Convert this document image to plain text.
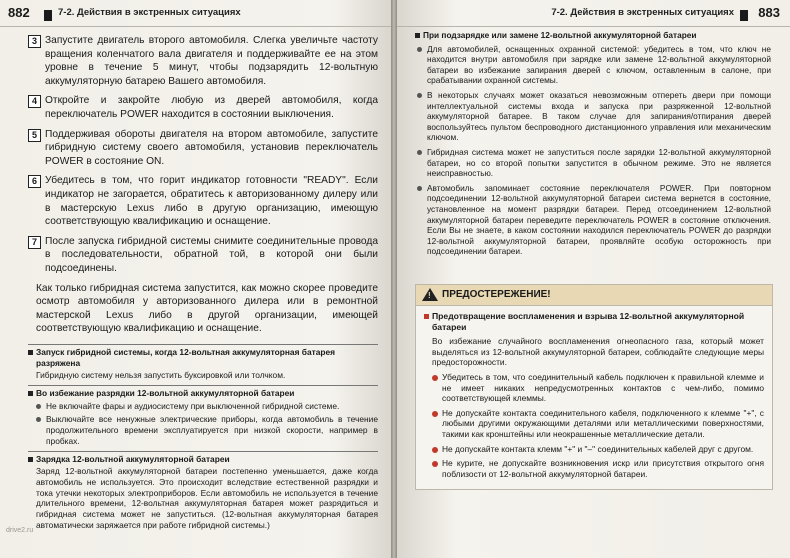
882	7-2. Действия в экстренных ситуациях
3 Запустите двигатель второго автомобиля. Слегка увеличьте частоту вращения коленчатого вала двигателя и поддерживайте ее на этом уровне в течение 5 минут, чтобы подзарядить 12-вольтную аккумуляторную батарею Вашего автомобиля.
4 Откройте и закройте любую из дверей автомобиля, когда переключатель POWER находится в состоянии выключения.
5 Поддерживая обороты двигателя на втором автомобиле, запустите гибридную систему своего автомобиля, установив переключатель POWER в состояние ON.
6 Убедитесь в том, что горит индикатор готовности "READY". Если индикатор не загорается, обратитесь к авторизованному дилеру или в мастерскую Lexus либо в другую организацию, имеющую соответствующую квалификацию и оснащение.
7 После запуска гибридной системы снимите соединительные провода в последовательности, обратной той, в которой они были подсоединены.

Как только гибридная система запустится, как можно скорее проведите осмотр автомобиля у авторизованного дилера или в ремонтной мастерской Lexus либо в другой организации, имеющей соответствующую квалификацию и оснащение.

Запуск гибридной системы, когда 12-вольтная аккумуляторная батарея разряжена
Гибридную систему нельзя запустить буксировкой или толчком.
Во избежание разрядки 12-вольтной аккумуляторной батареи
Не включайте фары и аудиосистему при выключенной гибридной системе.
Выключайте все ненужные электрические приборы, когда автомобиль в течение продолжительного времени эксплуатируется при низкой скорости, например в пробках.
Зарядка 12-вольтной аккумуляторной батареи
Заряд 12-вольтной аккумуляторной батареи постепенно уменьшается, даже когда автомобиль не используется. Это происходит вследствие естественной разрядки и тока утечки некоторых электроприборов. Если автомобиль не используется в течение длительного времени, 12-вольтная аккумуляторная батарея может разрядиться и гибридная система может не запуститься. (12-вольтная аккумуляторная батарея автоматически заряжается при работе гибридной системы.)
drive2.ru
7-2. Действия в экстренных ситуациях 883
При подзарядке или замене 12-вольтной аккумуляторной батареи
Для автомобилей, оснащенных охранной системой: убедитесь в том, что ключ не находится внутри автомобиля при зарядке или замене 12-вольтной аккумуляторной батареи во избежание запирания дверей с ключом, оставленным в салоне, при срабатывании охранной системы.
В некоторых случаях может оказаться невозможным отпереть двери при помощи интеллектуальной системы входа и запуска при разряженной 12-вольтной аккумуляторной батарее. В таком случае для запирания/отпирания дверей воспользуйтесь пультом беспроводного дистанционного управления или механическим ключом.
Гибридная система может не запуститься после зарядки 12-вольтной аккумуляторной батареи, но со второй попытки запустится в обычном режиме. Это не является неисправностью.
Автомобиль запоминает состояние переключателя POWER. При повторном подсоединении 12-вольтной аккумуляторной батареи система вернется в состояние, установленное на момент разрядки батареи. Перед отсоединением 12-вольтной аккумуляторной батареи переведите переключатель POWER в состояние отключения. Если Вы не знаете, в каком состоянии находился переключатель POWER до разрядки 12-вольтной аккумуляторной батареи, проявляйте особую осторожность при подсоединении батареи.
! ПРЕДОСТЕРЕЖЕНИЕ!
Предотвращение воспламенения и взрыва 12-вольтной аккумуляторной батареи
Во избежание случайного воспламенения огнеопасного газа, который может выделяться из 12-вольтной аккумуляторной батареи, соблюдайте следующие меры предосторожности.
Убедитесь в том, что соединительный кабель подключен к правильной клемме и не имеет никаких непредусмотренных контактов с чем-либо, помимо соответствующей клеммы.
Не допускайте контакта соединительного кабеля, подключенного к клемме "+", с любыми другими окружающими деталями или металлическими поверхностями, такими как кронштейны или неокрашенные металлические детали.
Не допускайте контакта клемм "+" и "–" соединительных кабелей друг с другом.
Не курите, не допускайте возникновения искр или присутствия открытого огня поблизости от 12-вольтной аккумуляторной батареи.
